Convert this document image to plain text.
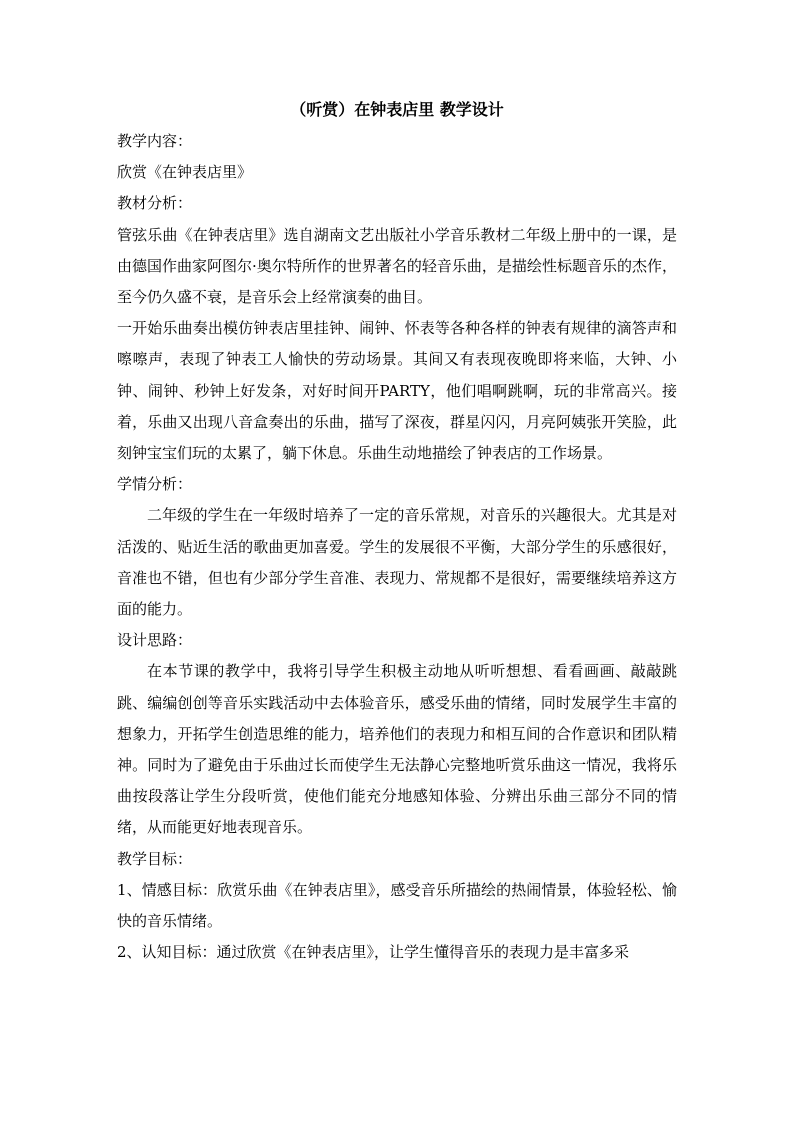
（听赏）在钟表店里 教学设计

教学内容：

欣赏《在钟表店里》

教材分析：

管弦乐曲《在钟表店里》选自湖南文艺出版社小学音乐教材二年级上册中的一课，是由德国作曲家阿图尔·奥尔特所作的世界著名的轻音乐曲，是描绘性标题音乐的杰作，至今仍久盛不衰，是音乐会上经常演奏的曲目。

一开始乐曲奏出模仿钟表店里挂钟、闹钟、怀表等各种各样的钟表有规律的滴答声和嚓嚓声，表现了钟表工人愉快的劳动场景。其间又有表现夜晚即将来临，大钟、小钟、闹钟、秒钟上好发条，对好时间开PARTY，他们唱啊跳啊，玩的非常高兴。接着，乐曲又出现八音盒奏出的乐曲，描写了深夜，群星闪闪，月亮阿姨张开笑脸，此刻钟宝宝们玩的太累了，躺下休息。乐曲生动地描绘了钟表店的工作场景。

学情分析：

二年级的学生在一年级时培养了一定的音乐常规，对音乐的兴趣很大。尤其是对活泼的、贴近生活的歌曲更加喜爱。学生的发展很不平衡，大部分学生的乐感很好，音准也不错，但也有少部分学生音准、表现力、常规都不是很好，需要继续培养这方面的能力。

设计思路：

在本节课的教学中，我将引导学生积极主动地从听听想想、看看画画、敲敲跳跳、编编创创等音乐实践活动中去体验音乐，感受乐曲的情绪，同时发展学生丰富的想象力，开拓学生创造思维的能力，培养他们的表现力和相互间的合作意识和团队精神。同时为了避免由于乐曲过长而使学生无法静心完整地听赏乐曲这一情况，我将乐曲按段落让学生分段听赏，使他们能充分地感知体验、分辨出乐曲三部分不同的情绪，从而能更好地表现音乐。

教学目标：

1、情感目标：欣赏乐曲《在钟表店里》，感受音乐所描绘的热闹情景，体验轻松、愉快的音乐情绪。

2、认知目标：通过欣赏《在钟表店里》，让学生懂得音乐的表现力是丰富多采
